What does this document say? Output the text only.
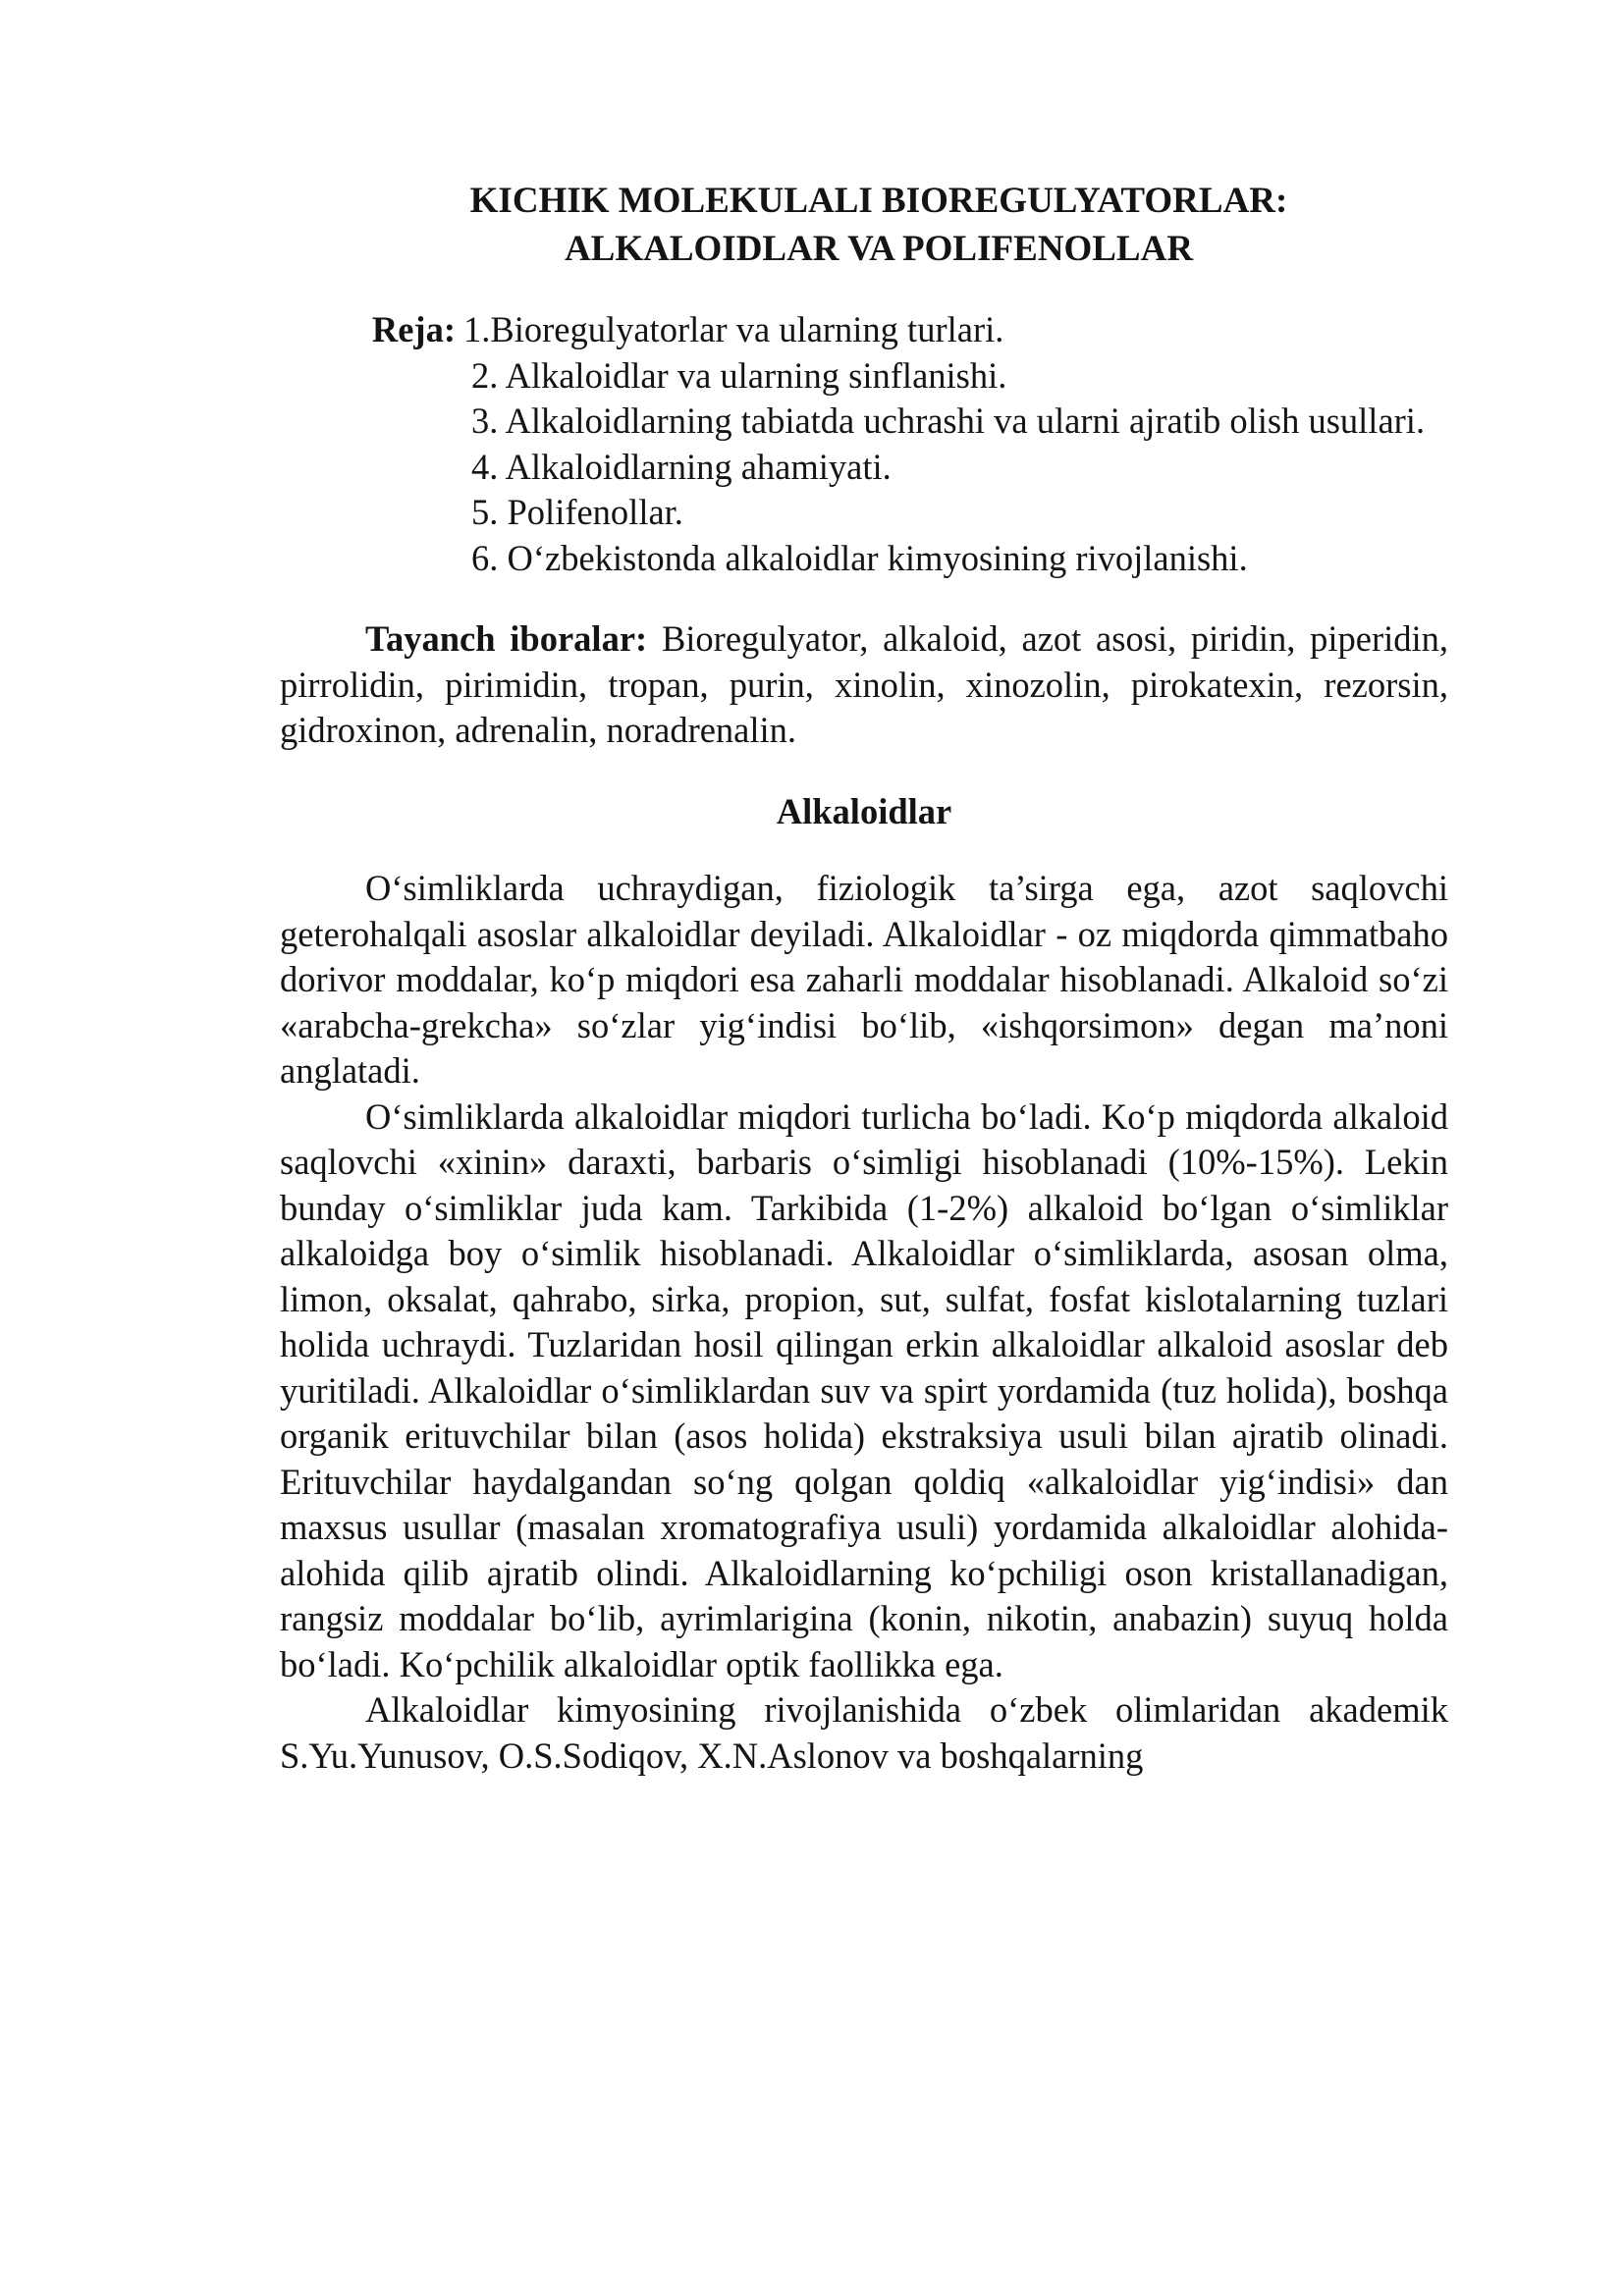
KICHIK MOLEKULALI BIOREGULYATORLAR:
ALKALOIDLAR VA POLIFENOLLAR
Reja: 1.Bioregulyatorlar va ularning turlari.
2. Alkaloidlar va ularning sinflanishi.
3. Alkaloidlarning tabiatda uchrashi va ularni ajratib olish usullari.
4. Alkaloidlarning ahamiyati.
5. Polifenollar.
6. O‘zbekistonda alkaloidlar kimyosining rivojlanishi.
Tayanch iboralar: Bioregulyator, alkaloid, azot asosi, piridin, piperidin, pirrolidin, pirimidin, tropan, purin, xinolin, xinozolin, pirokatexin, rezorsin, gidroxinon, adrenalin, noradrenalin.
Alkaloidlar

O‘simliklarda uchraydigan, fiziologik ta’sirga ega, azot saqlovchi geterohalqali asoslar alkaloidlar deyiladi. Alkaloidlar - oz miqdorda qimmatbaho dorivor moddalar, ko‘p miqdori esa zaharli moddalar hisoblanadi. Alkaloid so‘zi «arabcha-grekcha» so‘zlar yig‘indisi bo‘lib, «ishqorsimon» degan ma’noni anglatadi.

O‘simliklarda alkaloidlar miqdori turlicha bo‘ladi. Ko‘p miqdorda alkaloid saqlovchi «xinin» daraxti, barbaris o‘simligi hisoblanadi (10%-15%). Lekin bunday o‘simliklar juda kam. Tarkibida (1-2%) alkaloid bo‘lgan o‘simliklar alkaloidga boy o‘simlik hisoblanadi. Alkaloidlar o‘simliklarda, asosan olma, limon, oksalat, qahrabo, sirka, propion, sut, sulfat, fosfat kislotalarning tuzlari holida uchraydi. Tuzlaridan hosil qilingan erkin alkaloidlar alkaloid asoslar deb yuritiladi. Alkaloidlar o‘simliklardan suv va spirt yordamida (tuz holida), boshqa organik erituvchilar bilan (asos holida) ekstraksiya usuli bilan ajratib olinadi. Erituvchilar haydalgandan so‘ng qolgan qoldiq «alkaloidlar yig‘indisi» dan maxsus usullar (masalan xromatografiya usuli) yordamida alkaloidlar alohida-alohida qilib ajratib olindi. Alkaloidlarning ko‘pchiligi oson kristallanadigan, rangsiz moddalar bo‘lib, ayrimlarigina (konin, nikotin, anabazin) suyuq holda bo‘ladi. Ko‘pchilik alkaloidlar optik faollikka ega.

Alkaloidlar kimyosining rivojlanishida o‘zbek olimlaridan akademik S.Yu.Yunusov, O.S.Sodiqov, X.N.Aslonov va boshqalarning
